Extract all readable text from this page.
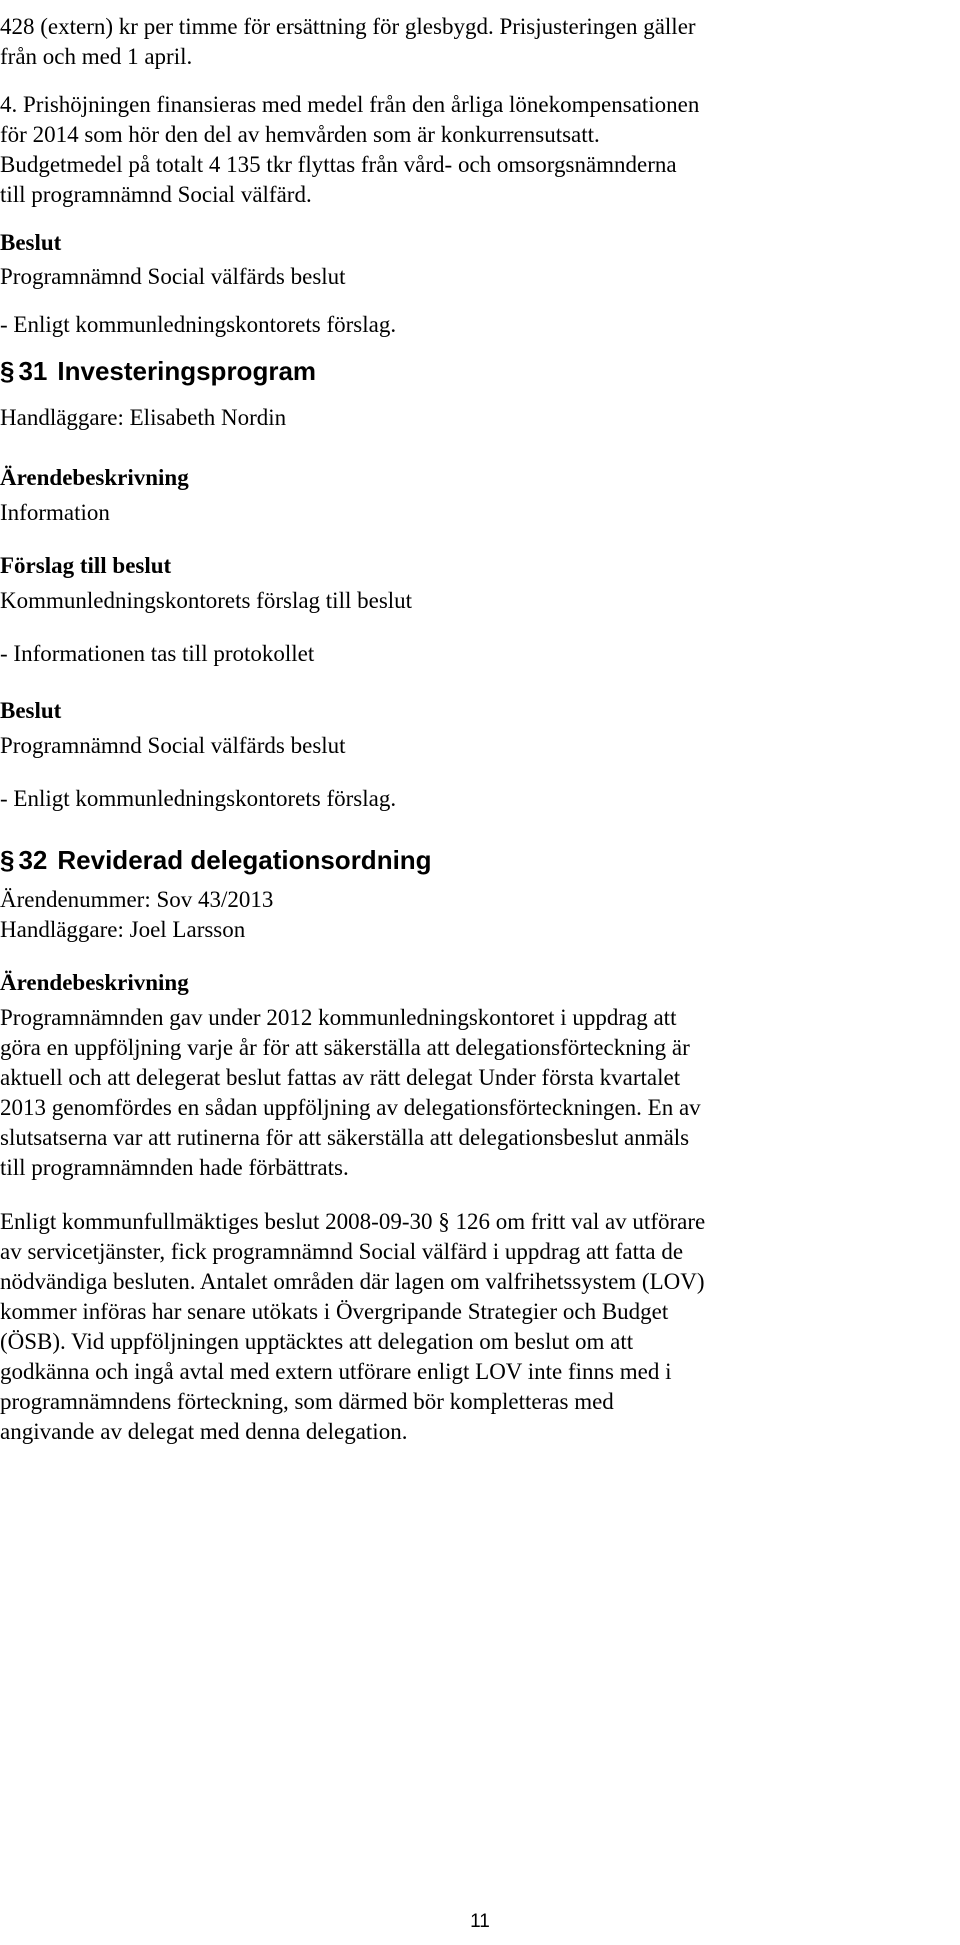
428 (extern) kr per timme för ersättning för glesbygd. Prisjusteringen gäller

från och med 1 april.

4. Prishöjningen finansieras med medel från den årliga lönekompensationen

för 2014 som hör den del av hemvården som är konkurrensutsatt.

Budgetmedel på totalt 4 135 tkr flyttas från vård- och omsorgsnämnderna

till programnämnd Social välfärd.

Beslut

Programnämnd Social välfärds beslut

- Enligt kommunledningskontorets förslag.

§ 31 Investeringsprogram

Handläggare: Elisabeth Nordin

Ärendebeskrivning

Information

Förslag till beslut

Kommunledningskontorets förslag till beslut

- Informationen tas till protokollet

Beslut

Programnämnd Social välfärds beslut

- Enligt kommunledningskontorets förslag.

§ 32 Reviderad delegationsordning

Ärendenummer: Sov 43/2013

Handläggare: Joel Larsson

Ärendebeskrivning

Programnämnden gav under 2012 kommunledningskontoret i uppdrag att

göra en uppföljning varje år för att säkerställa att delegationsförteckning är

aktuell och att delegerat beslut fattas av rätt delegat Under första kvartalet

2013 genomfördes en sådan uppföljning av delegationsförteckningen. En av

slutsatserna var att rutinerna för att säkerställa att delegationsbeslut anmäls

till programnämnden hade förbättrats.

Enligt kommunfullmäktiges beslut 2008-09-30 § 126 om fritt val av utförare

av servicetjänster, fick programnämnd Social välfärd i uppdrag att fatta de

nödvändiga besluten. Antalet områden där lagen om valfrihetssystem (LOV)

kommer införas har senare utökats i Övergripande Strategier och Budget

(ÖSB). Vid uppföljningen upptäcktes att delegation om beslut om att

godkänna och ingå avtal med extern utförare enligt LOV inte finns med i

programnämndens förteckning, som därmed bör kompletteras med

angivande av delegat med denna delegation.

11
